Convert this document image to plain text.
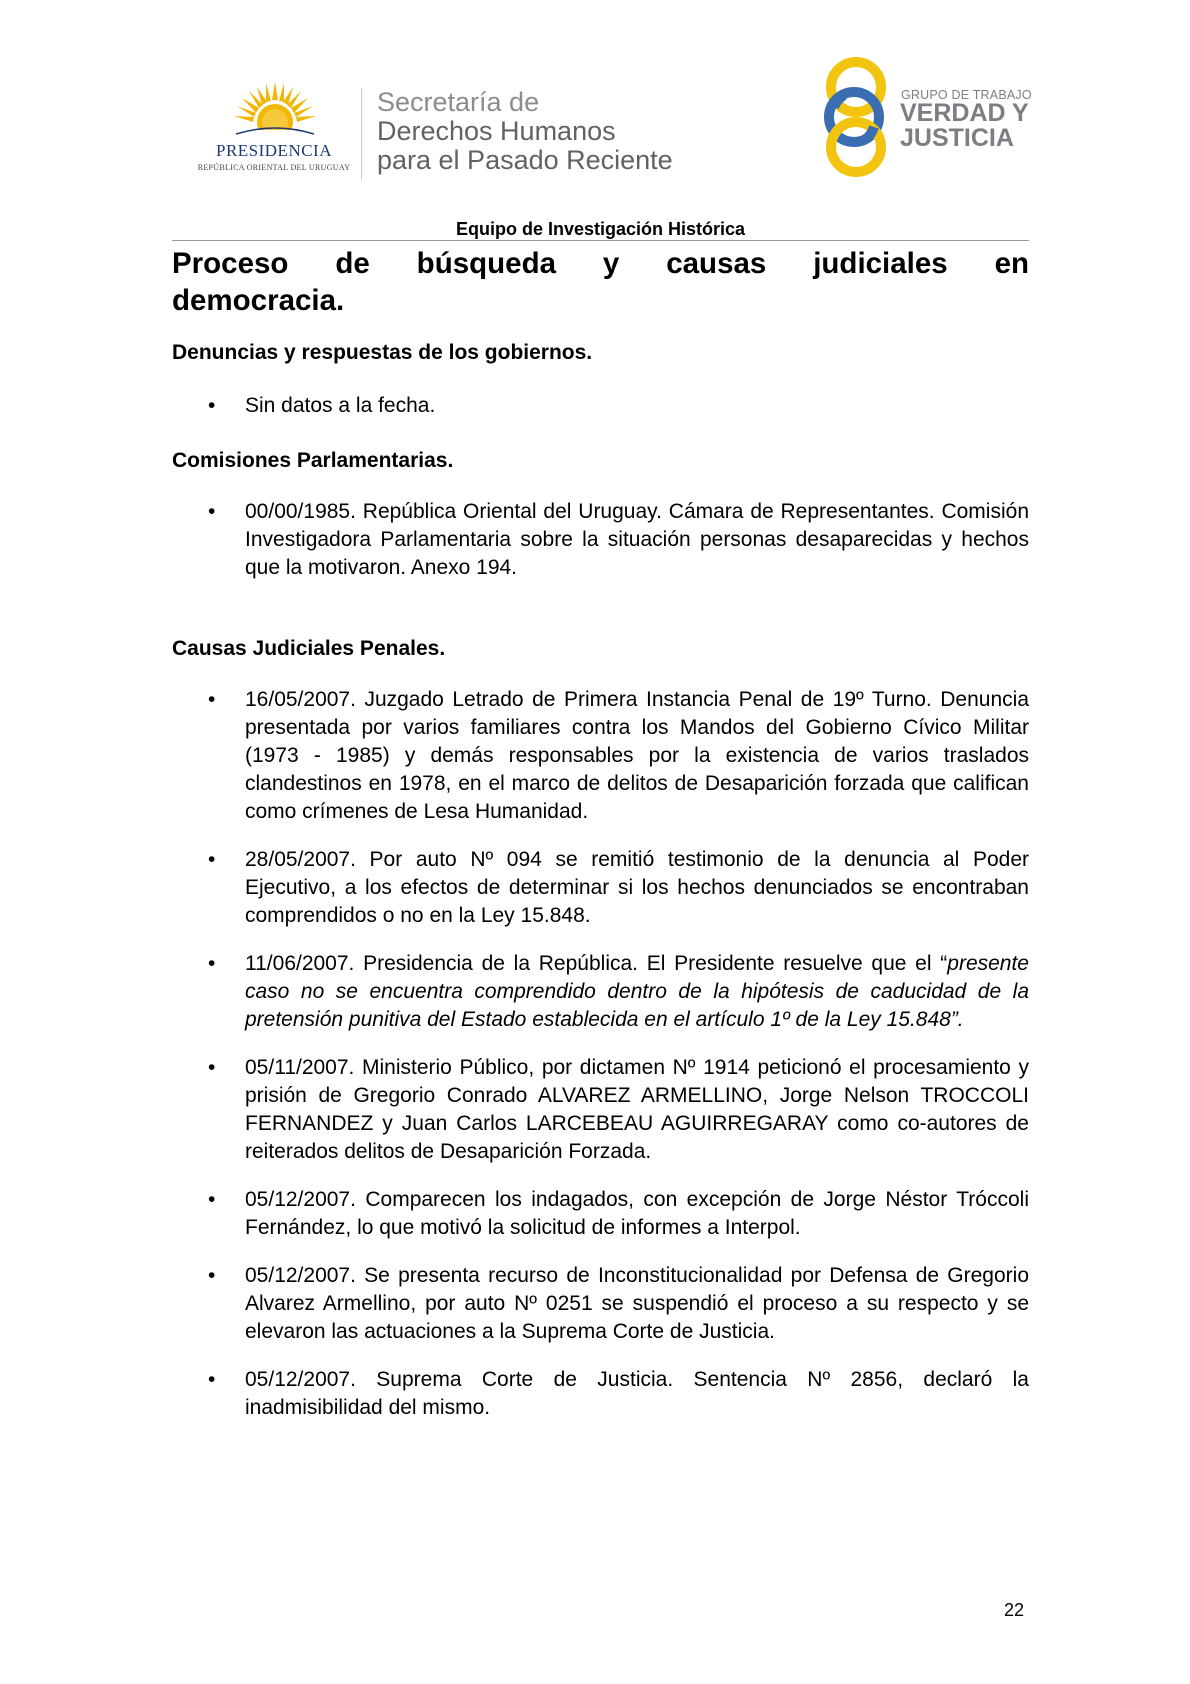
PRESIDENCIA
REPÚBLICA ORIENTAL DEL URUGUAY
Secretaría de
Derechos Humanos
para el Pasado Reciente
GRUPO DE TRABAJO
VERDAD Y
JUSTICIA
Equipo de Investigación Histórica
Proceso de búsqueda y causas judiciales en
democracia.
Denuncias y respuestas de los gobiernos.
• Sin datos a la fecha.
Comisiones Parlamentarias.
• 00/00/1985. República Oriental del Uruguay. Cámara de Representantes. Comisión Investigadora Parlamentaria sobre la situación personas desaparecidas y hechos que la motivaron. Anexo 194.
Causas Judiciales Penales.
• 16/05/2007. Juzgado Letrado de Primera Instancia Penal de 19º Turno. Denuncia presentada por varios familiares contra los Mandos del Gobierno Cívico Militar (1973 - 1985) y demás responsables por la existencia de varios traslados clandestinos en 1978, en el marco de delitos de Desaparición forzada que califican como crímenes de Lesa Humanidad.
• 28/05/2007. Por auto Nº 094 se remitió testimonio de la denuncia al Poder Ejecutivo, a los efectos de determinar si los hechos denunciados se encontraban comprendidos o no en la Ley 15.848.
• 11/06/2007. Presidencia de la República. El Presidente resuelve que el “presente caso no se encuentra comprendido dentro de la hipótesis de caducidad de la pretensión punitiva del Estado establecida en el artículo 1º de la Ley 15.848”.
• 05/11/2007. Ministerio Público, por dictamen Nº 1914 peticionó el procesamiento y prisión de Gregorio Conrado ALVAREZ ARMELLINO, Jorge Nelson TROCCOLI FERNANDEZ y Juan Carlos LARCEBEAU AGUIRREGARAY como co-autores de reiterados delitos de Desaparición Forzada.
• 05/12/2007. Comparecen los indagados, con excepción de Jorge Néstor Tróccoli Fernández, lo que motivó la solicitud de informes a Interpol.
• 05/12/2007. Se presenta recurso de Inconstitucionalidad por Defensa de Gregorio Alvarez Armellino, por auto Nº 0251 se suspendió el proceso a su respecto y se elevaron las actuaciones a la Suprema Corte de Justicia.
• 05/12/2007. Suprema Corte de Justicia. Sentencia Nº 2856, declaró la inadmisibilidad del mismo.
22
